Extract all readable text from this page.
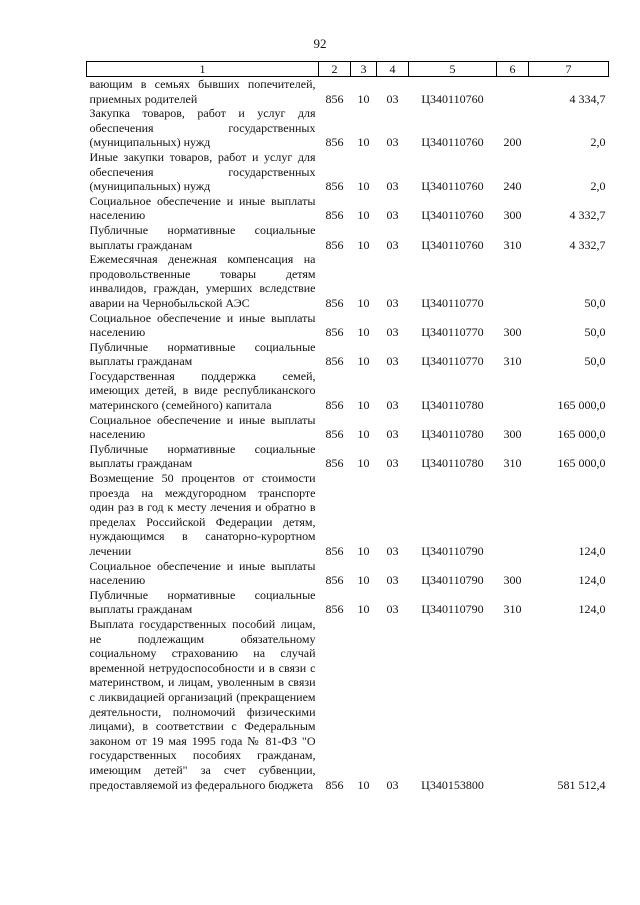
92
1	2	3	4	5	6	7
вающим в семьях бывших попечителей, приемных родителей	856	10	03	Ц340110760		4 334,7
Закупка товаров, работ и услуг для обеспечения государственных (муниципальных) нужд	856	10	03	Ц340110760	200	2,0
Иные закупки товаров, работ и услуг для обеспечения государственных (муниципальных) нужд	856	10	03	Ц340110760	240	2,0
Социальное обеспечение и иные выплаты населению	856	10	03	Ц340110760	300	4 332,7
Публичные нормативные социальные выплаты гражданам	856	10	03	Ц340110760	310	4 332,7
Ежемесячная денежная компенсация на продовольственные товары детям инвалидов, граждан, умерших вследствие аварии на Чернобыльской АЭС	856	10	03	Ц340110770		50,0
Социальное обеспечение и иные выплаты населению	856	10	03	Ц340110770	300	50,0
Публичные нормативные социальные выплаты гражданам	856	10	03	Ц340110770	310	50,0
Государственная поддержка семей, имеющих детей, в виде республиканского материнского (семейного) капитала	856	10	03	Ц340110780		165 000,0
Социальное обеспечение и иные выплаты населению	856	10	03	Ц340110780	300	165 000,0
Публичные нормативные социальные выплаты гражданам	856	10	03	Ц340110780	310	165 000,0
Возмещение 50 процентов от стоимости проезда на междугородном транспорте один раз в год к месту лечения и обратно в пределах Российской Федерации детям, нуждающимся в санаторно-курортном лечении	856	10	03	Ц340110790		124,0
Социальное обеспечение и иные выплаты населению	856	10	03	Ц340110790	300	124,0
Публичные нормативные социальные выплаты гражданам	856	10	03	Ц340110790	310	124,0
Выплата государственных пособий лицам, не подлежащим обязательному социальному страхованию на случай временной нетрудоспособности и в связи с материнством, и лицам, уволенным в связи с ликвидацией организаций (прекращением деятельности, полномочий физическими лицами), в соответствии с Федеральным законом от 19 мая 1995 года № 81-ФЗ "О государственных пособиях гражданам, имеющим детей" за счет субвенции, предоставляемой из федерального бюджета	856	10	03	Ц340153800		581 512,4
